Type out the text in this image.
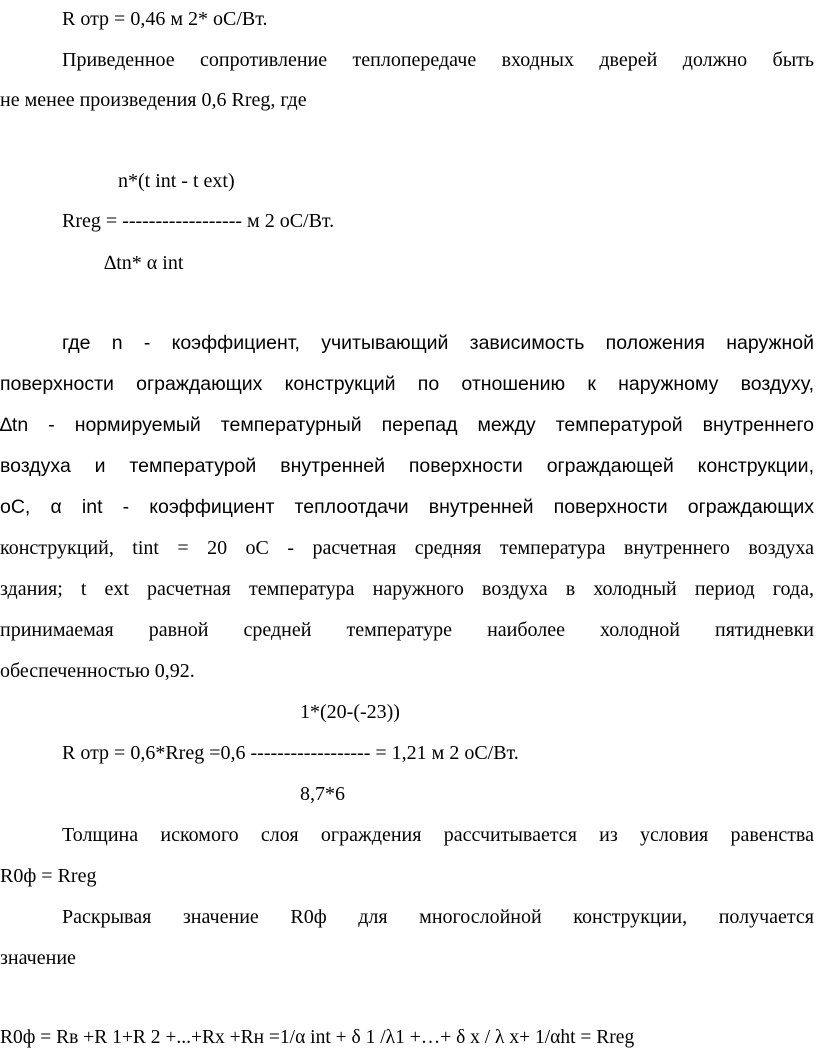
R отр = 0,46 м 2* оС/Вт.
Приведенное сопротивление теплопередаче входных дверей должно быть
не менее произведения 0,6 Rreg, где
n*(t int - t ext)
Rreg = ------------------ м 2 оС/Вт.
∆tn* α int
где n - коэффициент, учитывающий зависимость положения наружной
поверхности ограждающих конструкций по отношению к наружному воздуху,
∆tn - нормируемый температурный перепад между температурой внутреннего
воздуха и температурой внутренней поверхности ограждающей конструкции,
оС, α int - коэффициент теплоотдачи внутренней поверхности ограждающих
конструкций, tint = 20 оС - расчетная средняя температура внутреннего воздуха
здания; t ext расчетная температура наружного воздуха в холодный период года,
принимаемая равной средней температуре наиболее холодной пятидневки
обеспеченностью 0,92.
1*(20-(-23))
R отр = 0,6*Rreg =0,6 ------------------ = 1,21 м 2 оС/Вт.
8,7*6
Толщина искомого слоя ограждения рассчитывается из условия равенства
R0ф = Rreg
Раскрывая значение R0ф для многослойной конструкции, получается
значение
R0ф = Rв +R 1+R 2 +...+Rх +Rн =1/α int + δ 1 /λ1 +…+ δ х / λ х+ 1/αht = Rreg
